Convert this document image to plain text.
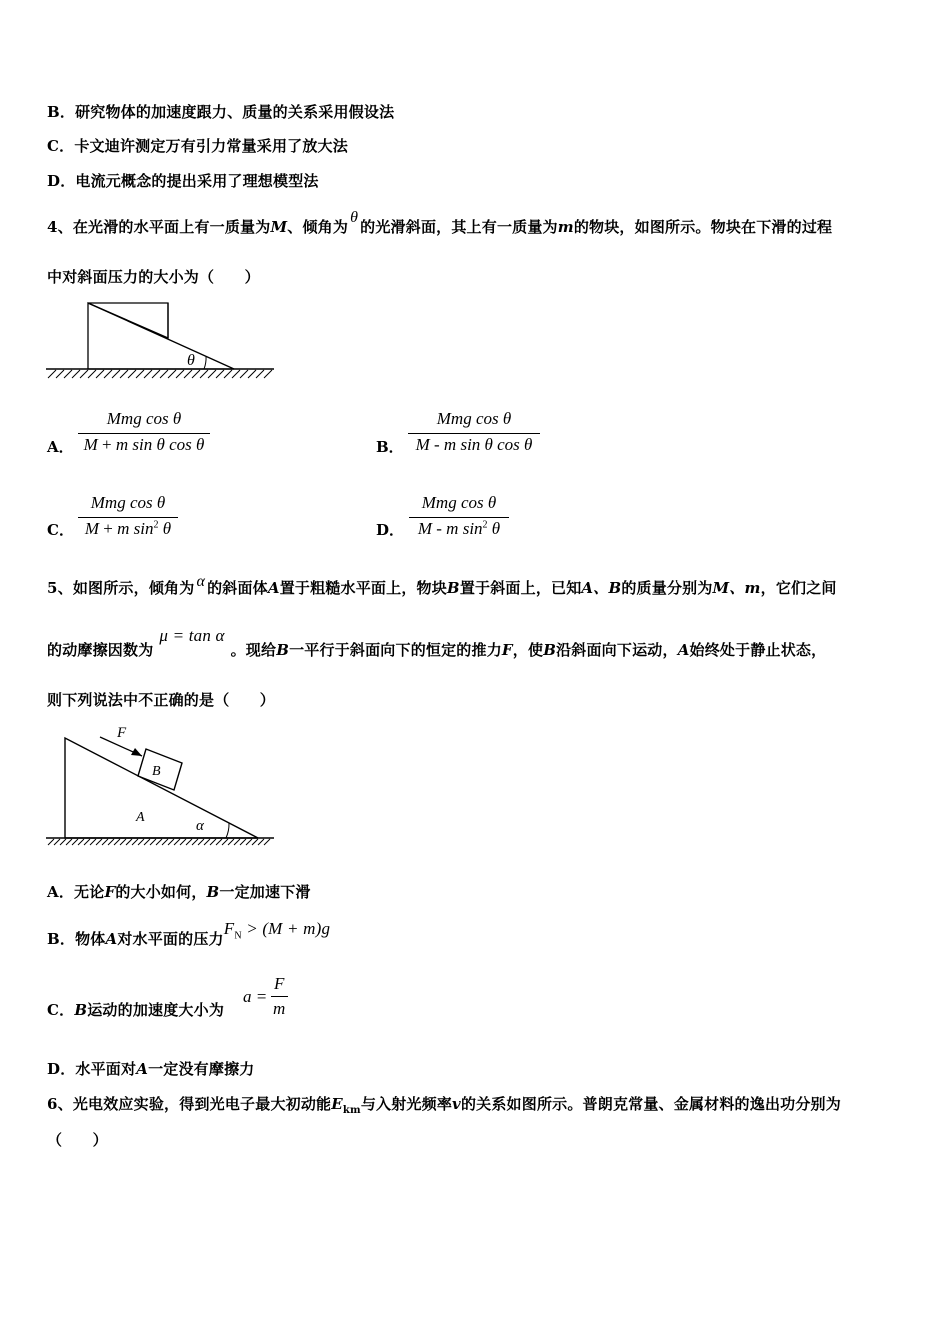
B．研究物体的加速度跟力、质量的关系采用假设法
C．卡文迪许测定万有引力常量采用了放大法
D．电流元概念的提出采用了理想模型法
4、在光滑的水平面上有一质量为M、倾角为θ的光滑斜面，其上有一质量为m的物块，如图所示。物块在下滑的过程
中对斜面压力的大小为（　　）
θ
A．
Mmg cos θ
M + m sin θ cos θ	B．
Mmg cos θ
M - m sin θ cos θ
C．
Mmg cos θ
M + m $\sin^2 \theta$	D．
Mmg cos θ
M - m $\sin^2 \theta$
5、如图所示，倾角为 α 的斜面体A置于粗糙水平面上，物块B置于斜面上，已知A、B的质量分别为M、m，它们之间
的动摩擦因数为μ = tan α。现给B一平行于斜面向下的恒定的推力F，使B沿斜面向下运动，A始终处于静止状态，
则下列说法中不正确的是（　　）
F
B
A
α
A．无论F的大小如何，B一定加速下滑
B．物体A对水平面的压力$F_N > (M + m)g$
C．B运动的加速度大小为
a =
F
m
D．水平面对A一定没有摩擦力
6、光电效应实验，得到光电子最大初动能$E_{km}$与入射光频率v的关系如图所示。普朗克常量、金属材料的逸出功分别为
（　　）
